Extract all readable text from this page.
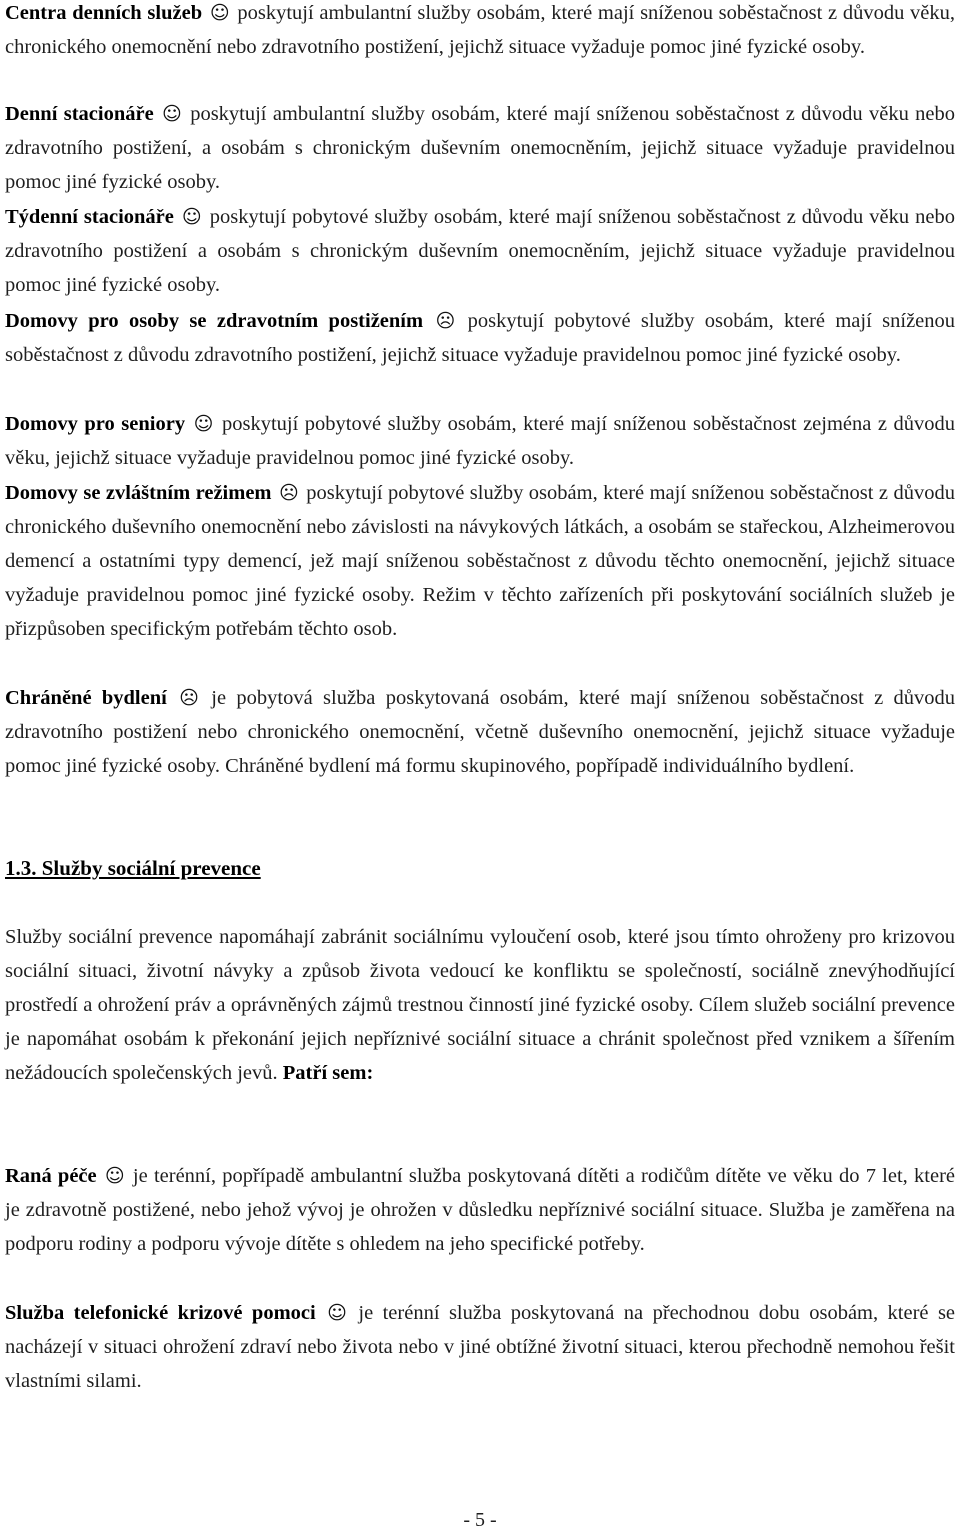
Centra denních služeb ☺ poskytují ambulantní služby osobám, které mají sníženou soběstačnost z důvodu věku, chronického onemocnění nebo zdravotního postižení, jejichž situace vyžaduje pomoc jiné fyzické osoby.

Denní stacionáře ☺ poskytují ambulantní služby osobám, které mají sníženou soběstačnost z důvodu věku nebo zdravotního postižení, a osobám s chronickým duševním onemocněním, jejichž situace vyžaduje pravidelnou pomoc jiné fyzické osoby.

Týdenní stacionáře ☺ poskytují pobytové služby osobám, které mají sníženou soběstačnost z důvodu věku nebo zdravotního postižení a osobám s chronickým duševním onemocněním, jejichž situace vyžaduje pravidelnou pomoc jiné fyzické osoby.

Domovy pro osoby se zdravotním postižením ☹ poskytují pobytové služby osobám, které mají sníženou soběstačnost z důvodu zdravotního postižení, jejichž situace vyžaduje pravidelnou pomoc jiné fyzické osoby.

Domovy pro seniory ☺ poskytují pobytové služby osobám, které mají sníženou soběstačnost zejména z důvodu věku, jejichž situace vyžaduje pravidelnou pomoc jiné fyzické osoby.

Domovy se zvláštním režimem ☹ poskytují pobytové služby osobám, které mají sníženou soběstačnost z důvodu chronického duševního onemocnění nebo závislosti na návykových látkách, a osobám se stařeckou, Alzheimerovou demencí a ostatními typy demencí, jež mají sníženou soběstačnost z důvodu těchto onemocnění, jejichž situace vyžaduje pravidelnou pomoc jiné fyzické osoby. Režim v těchto zařízeních při poskytování sociálních služeb je přizpůsoben specifickým potřebám těchto osob.

Chráněné bydlení ☹ je pobytová služba poskytovaná osobám, které mají sníženou soběstačnost z důvodu zdravotního postižení nebo chronického onemocnění, včetně duševního onemocnění, jejichž situace vyžaduje pomoc jiné fyzické osoby. Chráněné bydlení má formu skupinového, popřípadě individuálního bydlení.

1.3. Služby sociální prevence

Služby sociální prevence napomáhají zabránit sociálnímu vyloučení osob, které jsou tímto ohroženy pro krizovou sociální situaci, životní návyky a způsob života vedoucí ke konfliktu se společností, sociálně znevýhodňující prostředí a ohrožení práv a oprávněných zájmů trestnou činností jiné fyzické osoby. Cílem služeb sociální prevence je napomáhat osobám k překonání jejich nepříznivé sociální situace a chránit společnost před vznikem a šířením nežádoucích společenských jevů. Patří sem:

Raná péče ☺ je terénní, popřípadě ambulantní služba poskytovaná dítěti a rodičům dítěte ve věku do 7 let, které je zdravotně postižené, nebo jehož vývoj je ohrožen v důsledku nepříznivé sociální situace. Služba je zaměřena na podporu rodiny a podporu vývoje dítěte s ohledem na jeho specifické potřeby.

Služba telefonické krizové pomoci ☺ je terénní služba poskytovaná na přechodnou dobu osobám, které se nacházejí v situaci ohrožení zdraví nebo života nebo v jiné obtížné životní situaci, kterou přechodně nemohou řešit vlastními silami.

- 5 -
